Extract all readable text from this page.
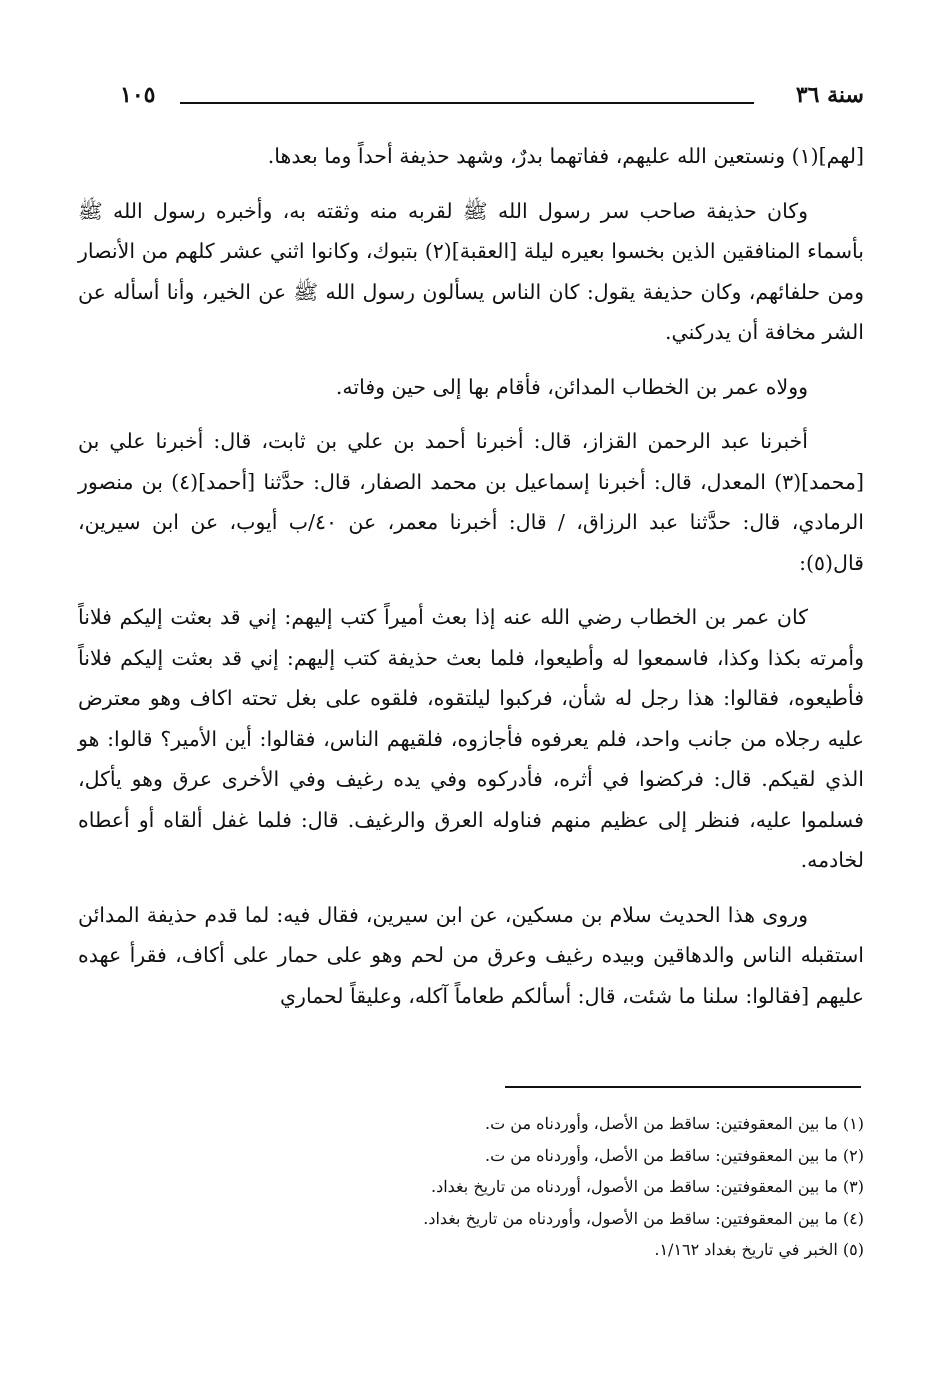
سنة ٣٦
١٠٥

[لهم](١) ونستعين الله عليهم، ففاتهما بدرٌ، وشهد حذيفة أحداً وما بعدها.

وكان حذيفة صاحب سر رسول الله ﷺ لقربه منه وثقته به، وأخبره رسول الله ﷺ بأسماء المنافقين الذين بخسوا بعيره ليلة [العقبة](٢) بتبوك، وكانوا اثني عشر كلهم من الأنصار ومن حلفائهم، وكان حذيفة يقول: كان الناس يسألون رسول الله ﷺ عن الخير، وأنا أسأله عن الشر مخافة أن يدركني.

وولاه عمر بن الخطاب المدائن، فأقام بها إلى حين وفاته.

أخبرنا عبد الرحمن القزاز، قال: أخبرنا أحمد بن علي بن ثابت، قال: أخبرنا علي بن [محمد](٣) المعدل، قال: أخبرنا إسماعيل بن محمد الصفار، قال: حدَّثنا [أحمد](٤) بن منصور الرمادي، قال: حدَّثنا عبد الرزاق، / قال: أخبرنا معمر، عن ٤٠/ب أيوب، عن ابن سيرين، قال(٥):

كان عمر بن الخطاب رضي الله عنه إذا بعث أميراً كتب إليهم: إني قد بعثت إليكم فلاناً وأمرته بكذا وكذا، فاسمعوا له وأطيعوا، فلما بعث حذيفة كتب إليهم: إني قد بعثت إليكم فلاناً فأطيعوه، فقالوا: هذا رجل له شأن، فركبوا ليلتقوه، فلقوه على بغل تحته اكاف وهو معترض عليه رجلاه من جانب واحد، فلم يعرفوه فأجازوه، فلقيهم الناس، فقالوا: أين الأمير؟ قالوا: هو الذي لقيكم. قال: فركضوا في أثره، فأدركوه وفي يده رغيف وفي الأخرى عرق وهو يأكل، فسلموا عليه، فنظر إلى عظيم منهم فناوله العرق والرغيف. قال: فلما غفل ألقاه أو أعطاه لخادمه.

وروى هذا الحديث سلام بن مسكين، عن ابن سيرين، فقال فيه: لما قدم حذيفة المدائن استقبله الناس والدهاقين وبيده رغيف وعرق من لحم وهو على حمار على أكاف، فقرأ عهده عليهم [فقالوا: سلنا ما شئت، قال: أسألكم طعاماً آكله، وعليقاً لحماري

(١) ما بين المعقوفتين: ساقط من الأصل، وأوردناه من ت.

(٢) ما بين المعقوفتين: ساقط من الأصل، وأوردناه من ت.

(٣) ما بين المعقوفتين: ساقط من الأصول، أوردناه من تاريخ بغداد.

(٤) ما بين المعقوفتين: ساقط من الأصول، وأوردناه من تاريخ بغداد.

(٥) الخبر في تاريخ بغداد ١/١٦٢.
